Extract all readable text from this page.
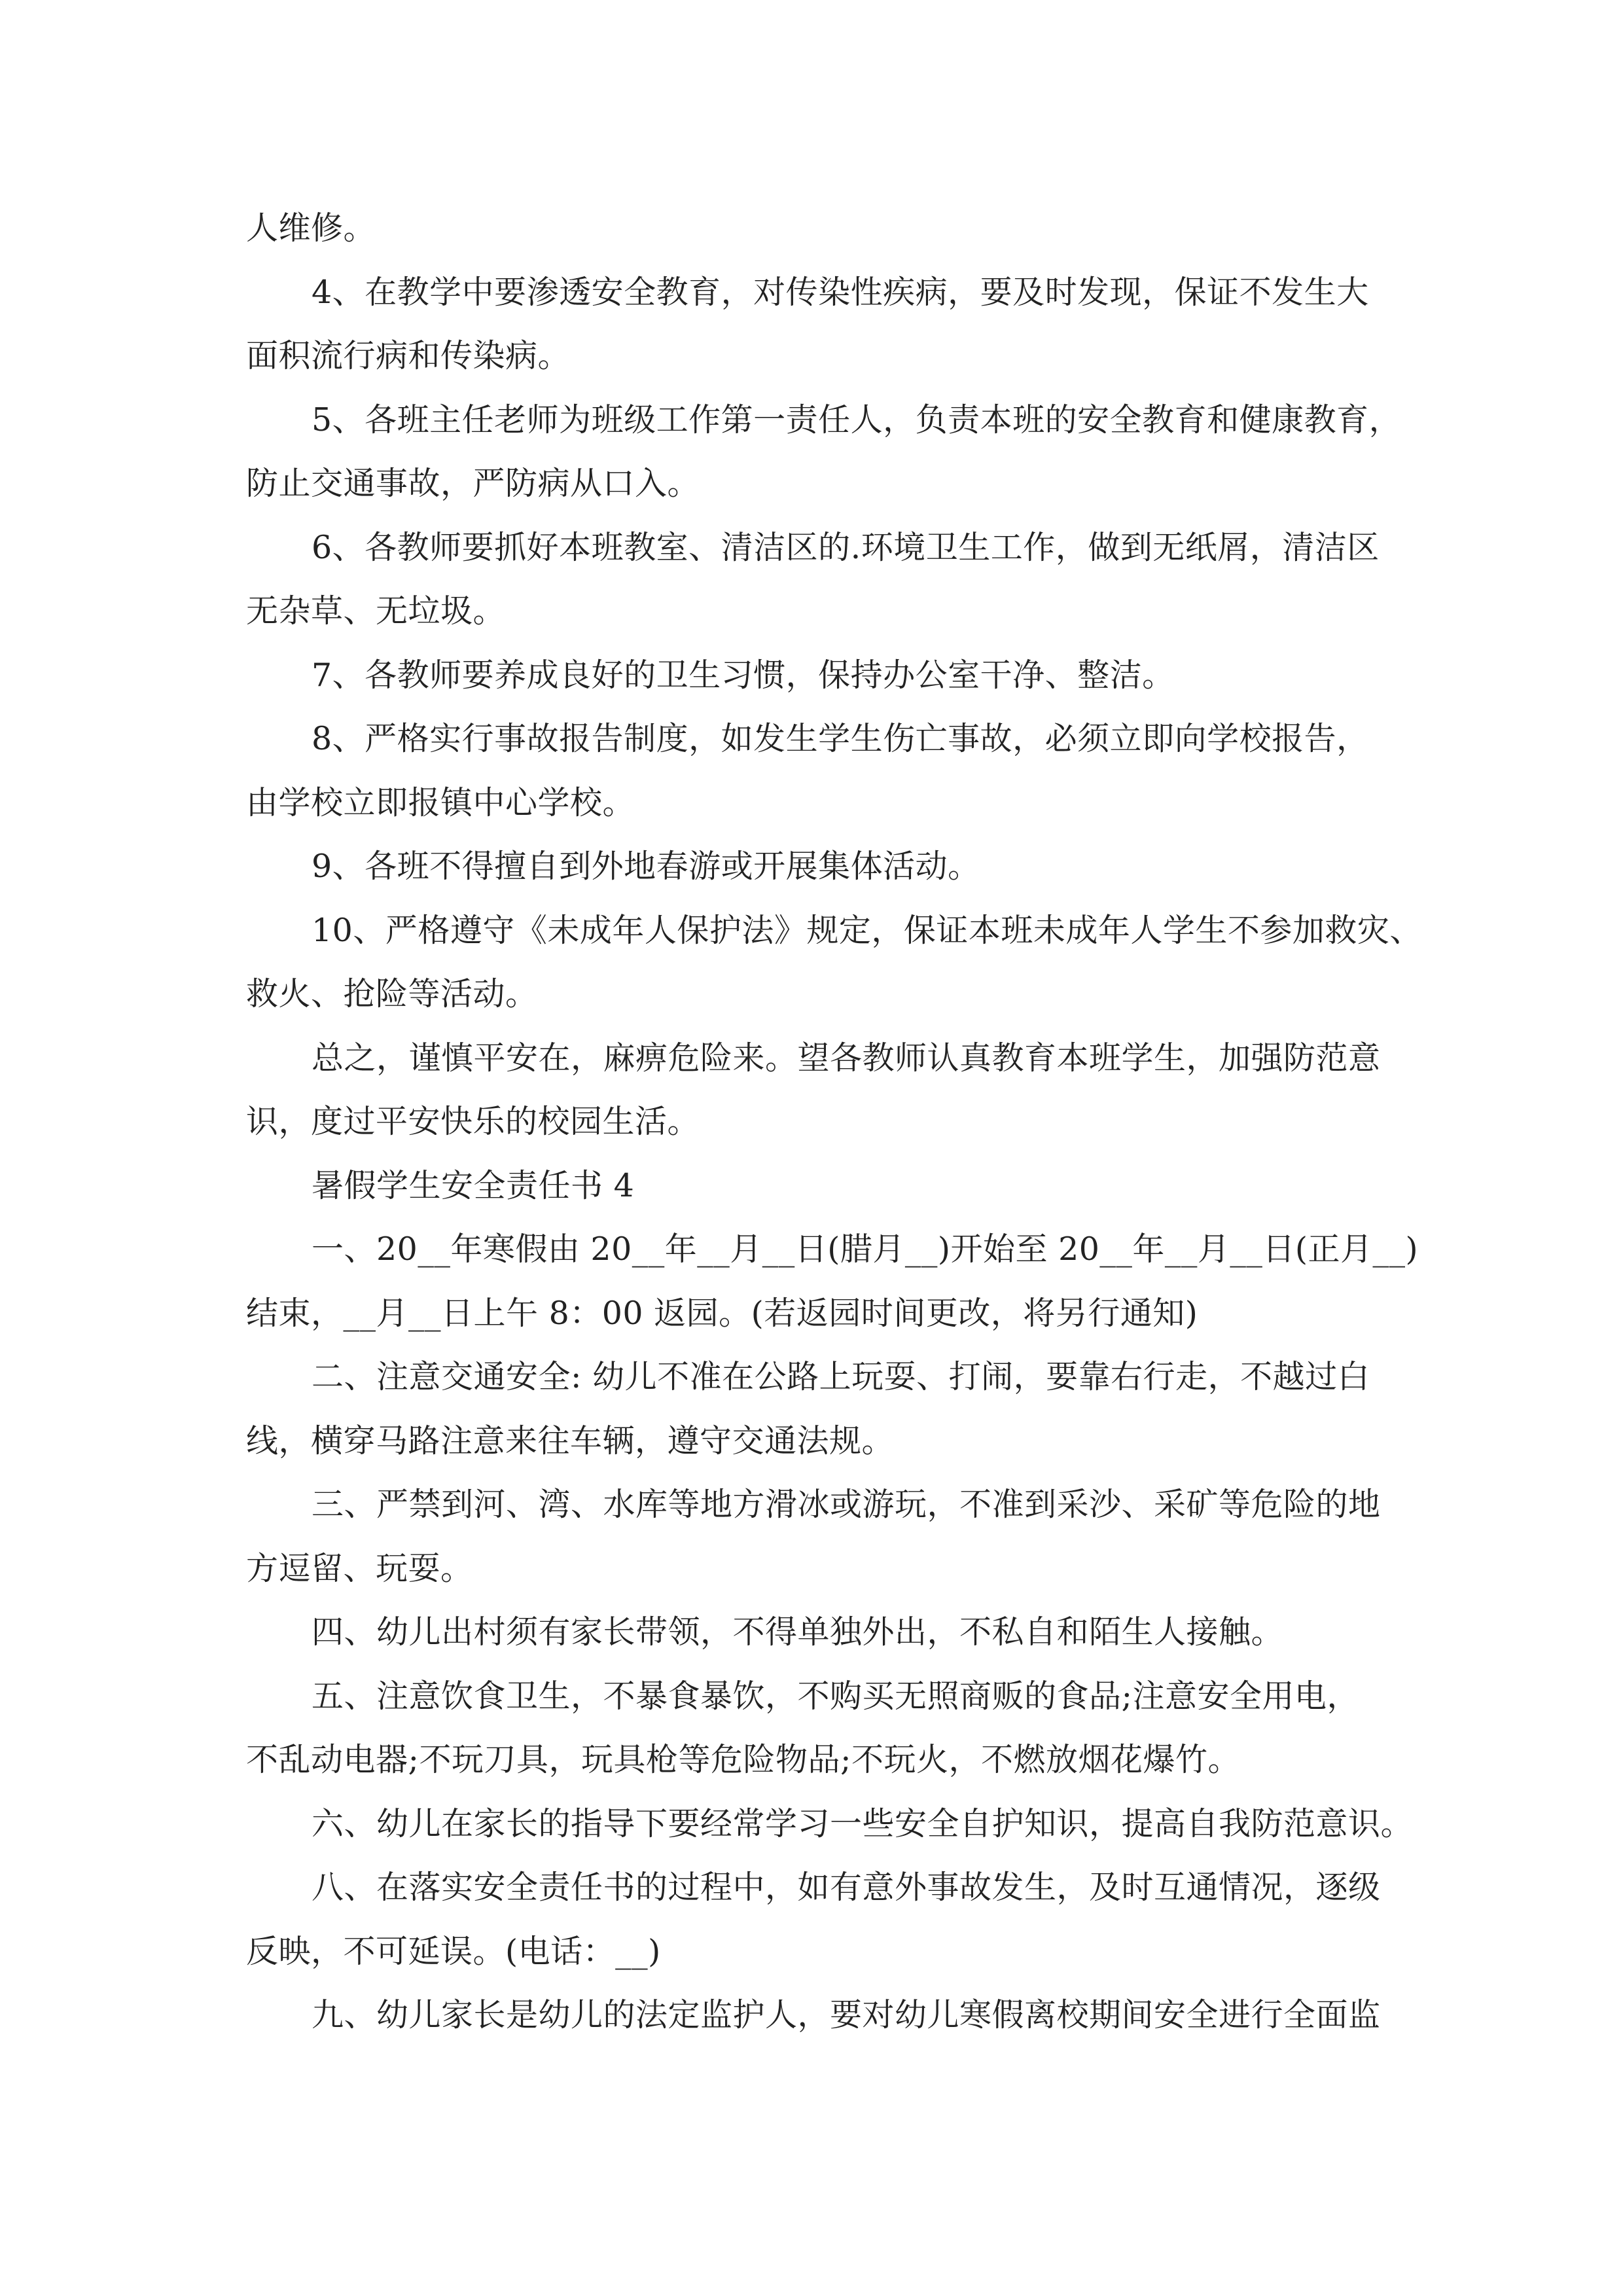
人维修。

4、在教学中要渗透安全教育，对传染性疾病，要及时发现，保证不发生大

面积流行病和传染病。

5、各班主任老师为班级工作第一责任人，负责本班的安全教育和健康教育，

防止交通事故，严防病从口入。

6、各教师要抓好本班教室、清洁区的.环境卫生工作，做到无纸屑，清洁区

无杂草、无垃圾。

7、各教师要养成良好的卫生习惯，保持办公室干净、整洁。

8、严格实行事故报告制度，如发生学生伤亡事故，必须立即向学校报告，

由学校立即报镇中心学校。

9、各班不得擅自到外地春游或开展集体活动。

10、严格遵守《未成年人保护法》规定，保证本班未成年人学生不参加救灾、

救火、抢险等活动。

总之，谨慎平安在，麻痹危险来。望各教师认真教育本班学生，加强防范意

识，度过平安快乐的校园生活。

暑假学生安全责任书 4

一、20__年寒假由 20__年__月__日(腊月__)开始至 20__年__月__日(正月__)

结束，__月__日上午 8：00 返园。(若返园时间更改，将另行通知)

二、注意交通安全: 幼儿不准在公路上玩耍、打闹，要靠右行走，不越过白

线，横穿马路注意来往车辆，遵守交通法规。

三、严禁到河、湾、水库等地方滑冰或游玩，不准到采沙、采矿等危险的地

方逗留、玩耍。

四、幼儿出村须有家长带领，不得单独外出，不私自和陌生人接触。

五、注意饮食卫生，不暴食暴饮，不购买无照商贩的食品;注意安全用电，

不乱动电器;不玩刀具，玩具枪等危险物品;不玩火，不燃放烟花爆竹。

六、幼儿在家长的指导下要经常学习一些安全自护知识，提高自我防范意识。

八、在落实安全责任书的过程中，如有意外事故发生，及时互通情况，逐级

反映，不可延误。(电话：__)

九、幼儿家长是幼儿的法定监护人，要对幼儿寒假离校期间安全进行全面监
